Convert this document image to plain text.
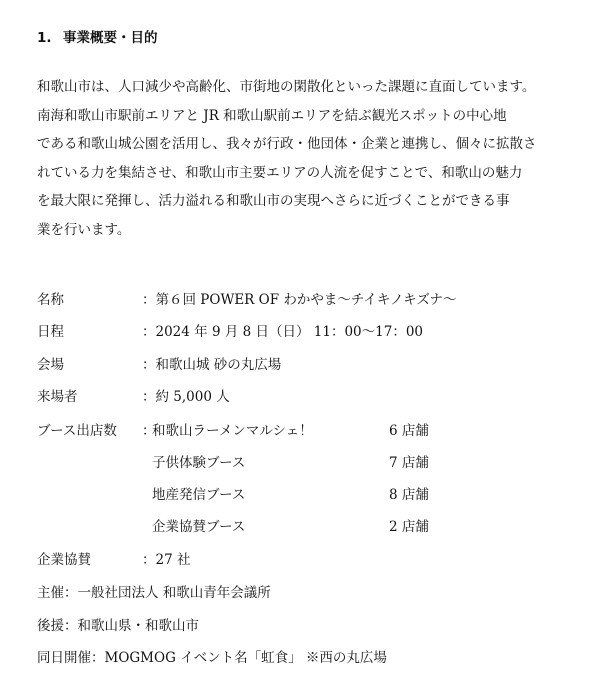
1. 事業概要・目的
和歌山市は、人口減少や高齢化、市街地の閑散化といった課題に直面しています。
南海和歌山市駅前エリアと JR 和歌山駅前エリアを結ぶ観光スポットの中心地
である和歌山城公園を活用し、我々が行政・他団体・企業と連携し、個々に拡散さ
れている力を集結させ、和歌山市主要エリアの人流を促すことで、和歌山の魅力
を最大限に発揮し、活力溢れる和歌山市の実現へさらに近づくことができる事
業を行います。
名称	：第６回 POWER OF わかやま～チイキノキズナ～
日程	：2024 年 9 月 8 日（日） 11：00～17：00
会場	：和歌山城 砂の丸広場
来場者	：約 5,000 人
ブース出店数 ：
和歌山ラーメンマルシェ！	6 店舗
子供体験ブース	7 店舗
地産発信ブース	8 店舗
企業協賛ブース	2 店舗
企業協賛	：27 社
主催：一般社団法人 和歌山青年会議所
後援：和歌山県・和歌山市
同日開催：MOGMOG イベント名「虹食」 ※西の丸広場
